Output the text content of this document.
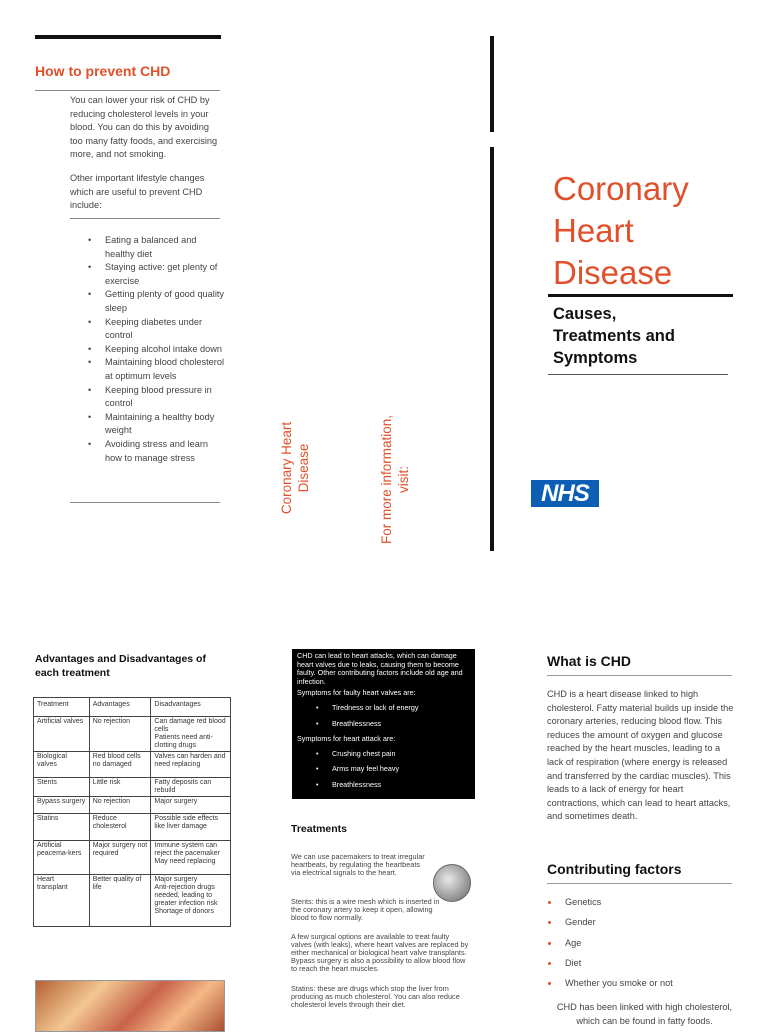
How to prevent CHD
You can lower your risk of CHD by reducing cholesterol levels in your blood. You can do this by avoiding too many fatty foods, and exercising more, and not smoking.
Other important lifestyle changes which are useful to prevent CHD include:
• Eating a balanced and healthy diet
• Staying active: get plenty of exercise
• Getting plenty of good quality sleep
• Keeping diabetes under control
• Keeping alcohol intake down
• Maintaining blood cholesterol at optimum levels
• Keeping blood pressure in control
• Maintaining a healthy body weight
• Avoiding stress and learn how to manage stress	Coronary Heart Disease	For more information, visit:
Coronary
Heart
Disease
Causes,
Treatments and
Symptoms
NHS
Advantages and Disadvantages of each treatment
Treatment	Advantages	Disadvantages
Artificial valves	No rejection	Can damage red blood cells
Patients need anti-clotting drugs
Biological valves	Red blood cells no damaged	Valves can harden and need replacing
Stents	Little risk	Fatty deposits can rebuild
Bypass surgery	No rejection	Major surgery
Statins	Reduce cholesterol	Possible side effects like liver damage
Artificial peacema-kers	Major surgery not required	Immune system can reject the pacemaker
May need replacing
Heart transplant	Better quality of life	Major surgery
Anti-rejection drugs needed, leading to greater infection risk
Shortage of donors

CHD can lead to heart attacks, which can damage heart valves due to leaks, causing them to become faulty. Other contributing factors include old age and infection.

Symptoms for faulty heart valves are:

• Tiredness or lack of energy
• Breathlessness

Symptoms for heart attack are:

• Crushing chest pain
• Arms may feel heavy
• Breathlessness
Treatments

We can use pacemakers to treat irregular heartbeats, by regulating the heartbeats via electrical signals to the heart.

Stents: this is a wire mesh which is inserted in the coronary artery to keep it open, allowing blood to flow normally.

A few surgical options are available to treat faulty valves (with leaks), where heart valves are replaced by either mechanical or biological heart valve transplants. Bypass surgery is also a possibility to allow blood flow to reach the heart muscles.

Statins: these are drugs which stop the liver from producing as much cholesterol. You can also reduce cholesterol levels through their diet.

What is CHD

CHD is a heart disease linked to high cholesterol. Fatty material builds up inside the coronary arteries, reducing blood flow. This reduces the amount of oxygen and glucose reached by the heart muscles, leading to a lack of respiration (where energy is released and transferred by the cardiac muscles). This leads to a lack of energy for heart contractions, which can lead to heart attacks, and sometimes death.

Contributing factors
Genetics
Gender
Age
Diet
Whether you smoke or not

CHD has been linked with high cholesterol, which can be found in fatty foods.
